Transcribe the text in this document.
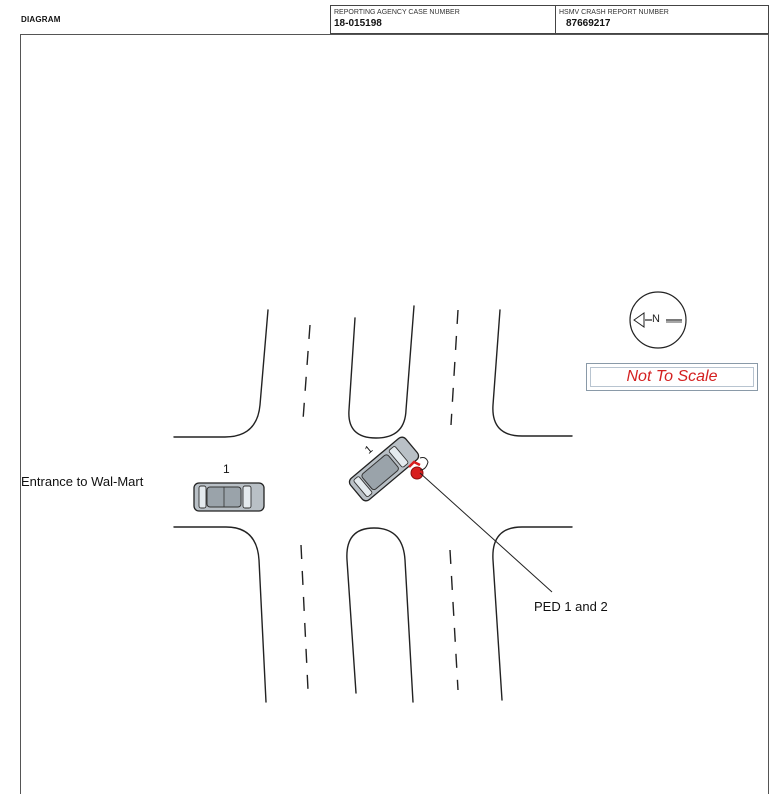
DIAGRAM
REPORTING AGENCY CASE NUMBER
18-015198
HSMV CRASH REPORT NUMBER
87669217
N
Not To Scale
Entrance to Wal-Mart
1
1
PED 1 and 2
